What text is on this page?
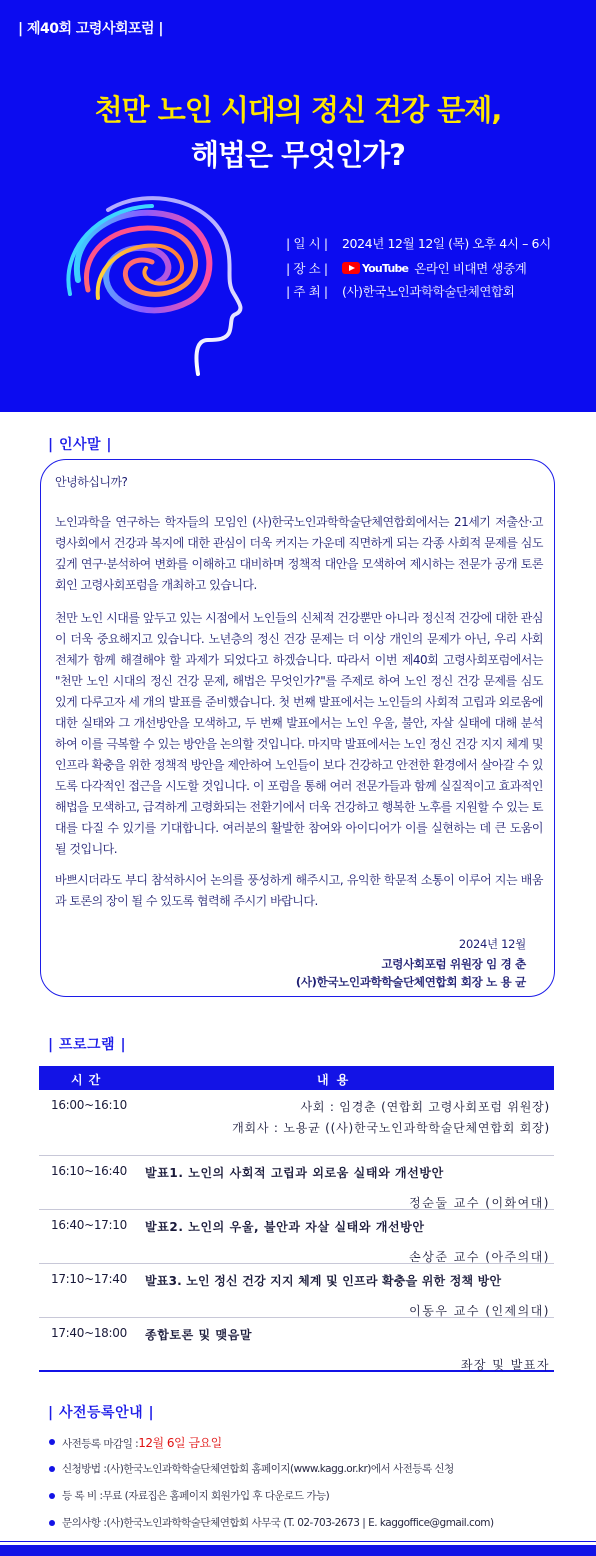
| 제40회 고령사회포럼 |
천만 노인 시대의 정신 건강 문제,
해법은 무엇인가?
| 일 시 |	2024년 12월 12일 (목) 오후 4시 – 6시
| 장 소 |	YouTube 온라인 비대면 생중계
| 주 최 |	(사)한국노인과학학술단체연합회
| 인사말 |

안녕하십니까?

노인과학을 연구하는 학자들의 모임인 (사)한국노인과학학술단체연합회에서는 21세기 저출산·고령사회에서 건강과 복지에 대한 관심이 더욱 커지는 가운데 직면하게 되는 각종 사회적 문제를 심도 깊게 연구·분석하여 변화를 이해하고 대비하며 정책적 대안을 모색하여 제시하는 전문가 공개 토론회인 고령사회포럼을 개최하고 있습니다.

천만 노인 시대를 앞두고 있는 시점에서 노인들의 신체적 건강뿐만 아니라 정신적 건강에 대한 관심이 더욱 중요해지고 있습니다. 노년층의 정신 건강 문제는 더 이상 개인의 문제가 아닌, 우리 사회 전체가 함께 해결해야 할 과제가 되었다고 하겠습니다. 따라서 이번 제40회 고령사회포럼에서는 "천만 노인 시대의 정신 건강 문제, 해법은 무엇인가?"를 주제로 하여 노인 정신 건강 문제를 심도 있게 다루고자 세 개의 발표를 준비했습니다. 첫 번째 발표에서는 노인들의 사회적 고립과 외로움에 대한 실태와 그 개선방안을 모색하고, 두 번째 발표에서는 노인 우울, 불안, 자살 실태에 대해 분석하여 이를 극복할 수 있는 방안을 논의할 것입니다. 마지막 발표에서는 노인 정신 건강 지지 체계 및 인프라 확충을 위한 정책적 방안을 제안하여 노인들이 보다 건강하고 안전한 환경에서 살아갈 수 있도록 다각적인 접근을 시도할 것입니다. 이 포럼을 통해 여러 전문가들과 함께 실질적이고 효과적인 해법을 모색하고, 급격하게 고령화되는 전환기에서 더욱 건강하고 행복한 노후를 지원할 수 있는 토대를 다질 수 있기를 기대합니다. 여러분의 활발한 참여와 아이디어가 이를 실현하는 데 큰 도움이 될 것입니다.

바쁘시더라도 부디 참석하시어 논의를 풍성하게 해주시고, 유익한 학문적 소통이 이루어 지는 배움과 토론의 장이 될 수 있도록 협력해 주시기 바랍니다.

2024년 12월
고령사회포럼 위원장 임 경 춘
(사)한국노인과학학술단체연합회 회장 노 용 균
| 프로그램 |
시간	내용
16:00~16:10	사회 : 임경춘 (연합회 고령사회포럼 위원장)
개회사 : 노용균 ((사)한국노인과학학술단체연합회 회장)
16:10~16:40 발표1. 노인의 사회적 고립과 외로움 실태와 개선방안
정순둘 교수 (이화여대)
16:40~17:10 발표2. 노인의 우울, 불안과 자살 실태와 개선방안
손상준 교수 (아주의대)
17:10~17:40 발표3. 노인 정신 건강 지지 체계 및 인프라 확충을 위한 정책 방안
이동우 교수 (인제의대)
17:40~18:00 종합토론 및 맺음말
좌장 및 발표자
| 사전등록안내 |
사전등록 마감일 :12월 6일 금요일
신청방법 :(사)한국노인과학학술단체연합회 홈페이지(www.kagg.or.kr)에서 사전등록 신청
등 록 비 :무료 (자료집은 홈페이지 회원가입 후 다운로드 가능)
문의사항 :(사)한국노인과학학술단체연합회 사무국 (T. 02-703-2673 | E. kaggoffice@gmail.com)
